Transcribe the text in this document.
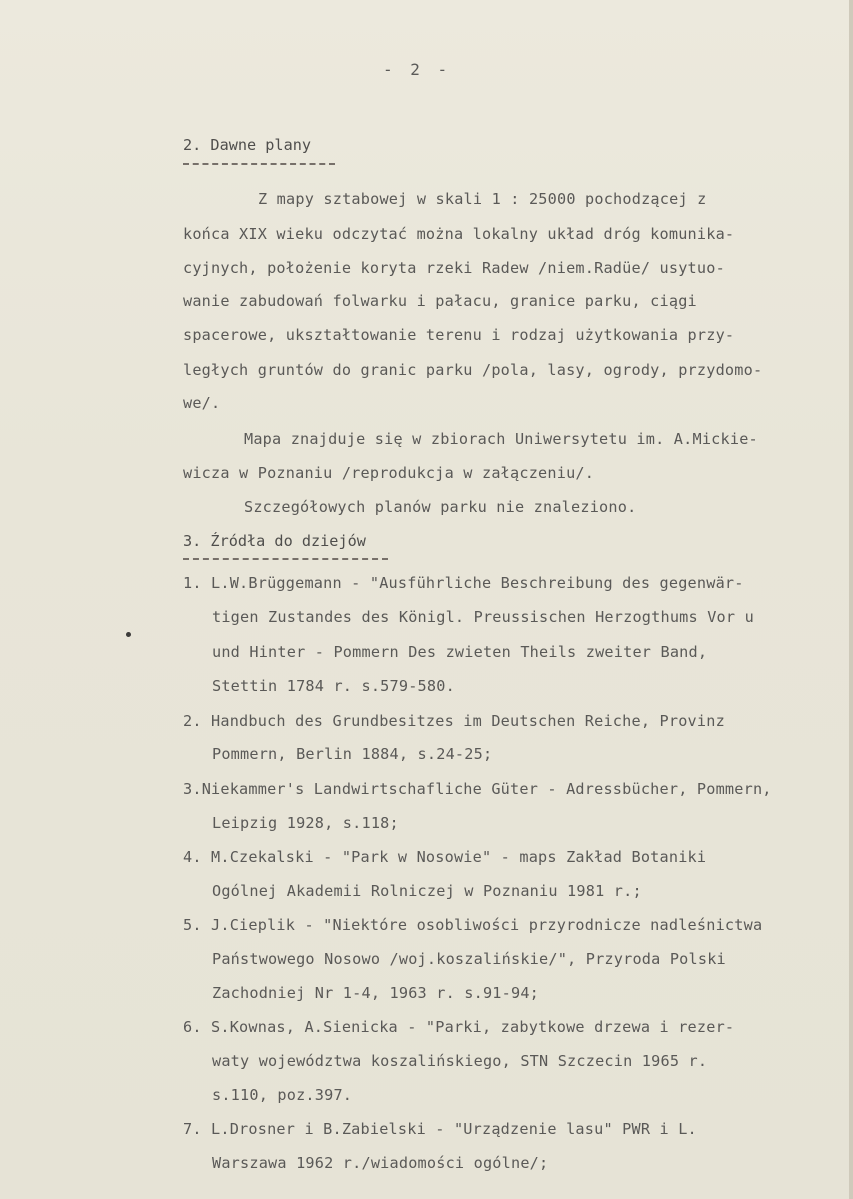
- 2 -
2. Dawne plany
Z mapy sztabowej w skali 1 : 25000 pochodzącej z
końca XIX wieku odczytać można lokalny układ dróg komunika-
cyjnych, położenie koryta rzeki Radew /niem.Radüe/ usytuo-
wanie zabudowań folwarku i pałacu, granice parku, ciągi
spacerowe, ukształtowanie terenu i rodzaj użytkowania przy-
ległych gruntów do granic parku /pola, lasy, ogrody, przydomo-
we/.
Mapa znajduje się w zbiorach Uniwersytetu im. A.Mickie-
wicza w Poznaniu /reprodukcja w załączeniu/.
Szczegółowych planów parku nie znaleziono.
3. Źródła do dziejów
1. L.W.Brüggemann - "Ausführliche Beschreibung des gegenwär-
tigen Zustandes des Königl. Preussischen Herzogthums Vor u
und Hinter - Pommern Des zwieten Theils zweiter Band,
Stettin 1784 r. s.579-580.
2. Handbuch des Grundbesitzes im Deutschen Reiche, Provinz
Pommern, Berlin 1884, s.24-25;
3.Niekammer's Landwirtschafliche Güter - Adressbücher, Pommern,
Leipzig 1928, s.118;
4. M.Czekalski - "Park w Nosowie" - maps Zakład Botaniki
Ogólnej Akademii Rolniczej w Poznaniu 1981 r.;
5. J.Cieplik - "Niektóre osobliwości przyrodnicze nadleśnictwa
Państwowego Nosowo /woj.koszalińskie/", Przyroda Polski
Zachodniej Nr 1-4, 1963 r. s.91-94;
6. S.Kownas, A.Sienicka - "Parki, zabytkowe drzewa i rezer-
waty województwa koszalińskiego, STN Szczecin 1965 r.
s.110, poz.397.
7. L.Drosner i B.Zabielski - "Urządzenie lasu" PWR i L.
Warszawa 1962 r./wiadomości ogólne/;
